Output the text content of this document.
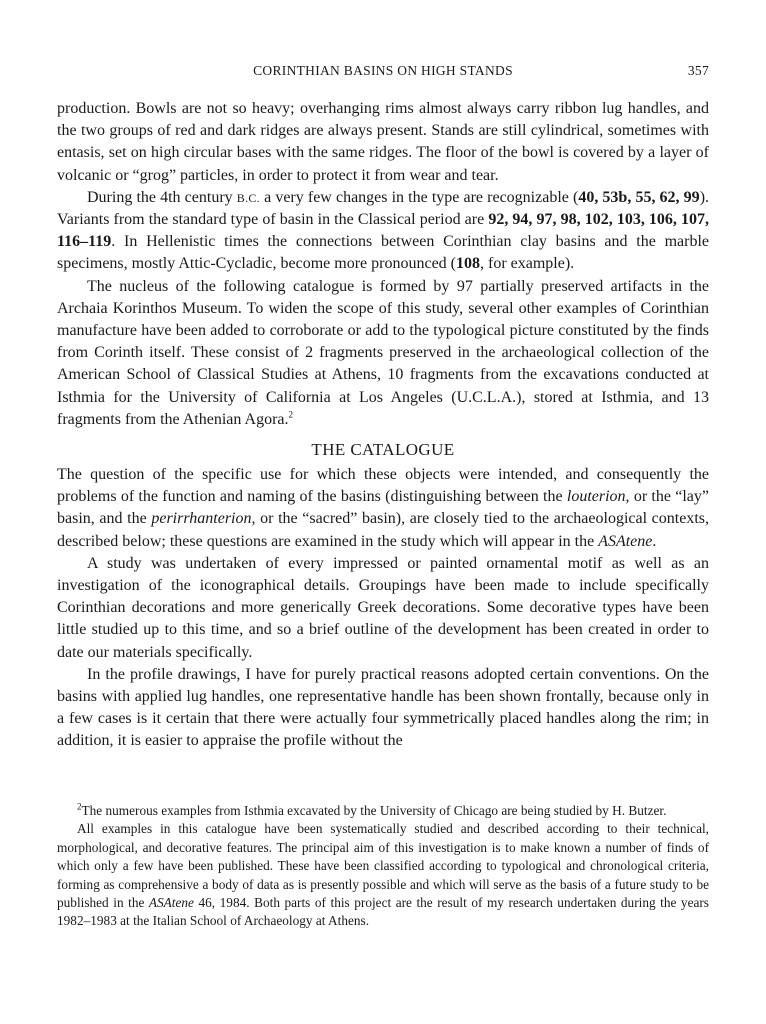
CORINTHIAN BASINS ON HIGH STANDS	357

production. Bowls are not so heavy; overhanging rims almost always carry ribbon lug handles, and the two groups of red and dark ridges are always present. Stands are still cylindrical, sometimes with entasis, set on high circular bases with the same ridges. The floor of the bowl is covered by a layer of volcanic or “grog” particles, in order to protect it from wear and tear.

During the 4th century B.C. a very few changes in the type are recognizable (40, 53b, 55, 62, 99). Variants from the standard type of basin in the Classical period are 92, 94, 97, 98, 102, 103, 106, 107, 116–119. In Hellenistic times the connections between Corinthian clay basins and the marble specimens, mostly Attic-Cycladic, become more pronounced (108, for example).

The nucleus of the following catalogue is formed by 97 partially preserved artifacts in the Archaia Korinthos Museum. To widen the scope of this study, several other examples of Corinthian manufacture have been added to corroborate or add to the typological picture constituted by the finds from Corinth itself. These consist of 2 fragments preserved in the archaeological collection of the American School of Classical Studies at Athens, 10 fragments from the excavations conducted at Isthmia for the University of California at Los Angeles (U.C.L.A.), stored at Isthmia, and 13 fragments from the Athenian Agora.$^2$

THE CATALOGUE

The question of the specific use for which these objects were intended, and consequently the problems of the function and naming of the basins (distinguishing between the louterion, or the “lay” basin, and the perirrhanterion, or the “sacred” basin), are closely tied to the archaeological contexts, described below; these questions are examined in the study which will appear in the ASAtene.

A study was undertaken of every impressed or painted ornamental motif as well as an investigation of the iconographical details. Groupings have been made to include specifically Corinthian decorations and more generically Greek decorations. Some decorative types have been little studied up to this time, and so a brief outline of the development has been created in order to date our materials specifically.

In the profile drawings, I have for purely practical reasons adopted certain conventions. On the basins with applied lug handles, one representative handle has been shown frontally, because only in a few cases is it certain that there were actually four symmetrically placed handles along the rim; in addition, it is easier to appraise the profile without the

$^2$The numerous examples from Isthmia excavated by the University of Chicago are being studied by H. Butzer.

All examples in this catalogue have been systematically studied and described according to their technical, morphological, and decorative features. The principal aim of this investigation is to make known a number of finds of which only a few have been published. These have been classified according to typological and chronological criteria, forming as comprehensive a body of data as is presently possible and which will serve as the basis of a future study to be published in the ASAtene 46, 1984. Both parts of this project are the result of my research undertaken during the years 1982–1983 at the Italian School of Archaeology at Athens.
